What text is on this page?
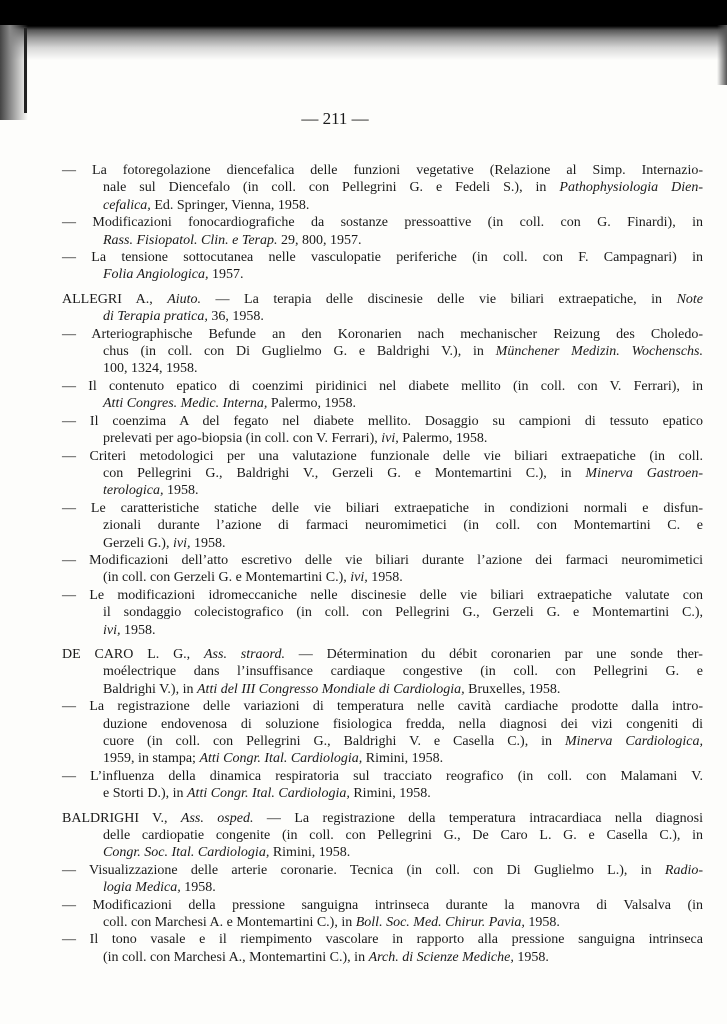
— 211 —
— La fotoregolazione diencefalica delle funzioni vegetative (Relazione al Simp. Internazio-
nale sul Diencefalo (in coll. con Pellegrini G. e Fedeli S.), in Pathophysiologia Dien-
cefalica, Ed. Springer, Vienna, 1958.
— Modificazioni fonocardiografiche da sostanze pressoattive (in coll. con G. Finardi), in
Rass. Fisiopatol. Clin. e Terap. 29, 800, 1957.
— La tensione sottocutanea nelle vasculopatie periferiche (in coll. con F. Campagnari) in
Folia Angiologica, 1957.
ALLEGRI A., Aiuto. — La terapia delle discinesie delle vie biliari extraepatiche, in Note
di Terapia pratica, 36, 1958.
— Arteriographische Befunde an den Koronarien nach mechanischer Reizung des Choledo-
chus (in coll. con Di Guglielmo G. e Baldrighi V.), in Münchener Medizin. Wochenschs.
100, 1324, 1958.
— Il contenuto epatico di coenzimi piridinici nel diabete mellito (in coll. con V. Ferrari), in
Atti Congres. Medic. Interna, Palermo, 1958.
— Il coenzima A del fegato nel diabete mellito. Dosaggio su campioni di tessuto epatico
prelevati per ago-biopsia (in coll. con V. Ferrari), ivi, Palermo, 1958.
— Criteri metodologici per una valutazione funzionale delle vie biliari extraepatiche (in coll.
con Pellegrini G., Baldrighi V., Gerzeli G. e Montemartini C.), in Minerva Gastroen-
terologica, 1958.
— Le caratteristiche statiche delle vie biliari extraepatiche in condizioni normali e disfun-
zionali durante l’azione di farmaci neuromimetici (in coll. con Montemartini C. e
Gerzeli G.), ivi, 1958.
— Modificazioni dell’atto escretivo delle vie biliari durante l’azione dei farmaci neuromimetici
(in coll. con Gerzeli G. e Montemartini C.), ivi, 1958.
— Le modificazioni idromeccaniche nelle discinesie delle vie biliari extraepatiche valutate con
il sondaggio colecistografico (in coll. con Pellegrini G., Gerzeli G. e Montemartini C.),
ivi, 1958.
DE CARO L. G., Ass. straord. — Détermination du débit coronarien par une sonde ther-
moélectrique dans l’insuffisance cardiaque congestive (in coll. con Pellegrini G. e
Baldrighi V.), in Atti del III Congresso Mondiale di Cardiologia, Bruxelles, 1958.
— La registrazione delle variazioni di temperatura nelle cavità cardiache prodotte dalla intro-
duzione endovenosa di soluzione fisiologica fredda, nella diagnosi dei vizi congeniti di
cuore (in coll. con Pellegrini G., Baldrighi V. e Casella C.), in Minerva Cardiologica,
1959, in stampa; Atti Congr. Ital. Cardiologia, Rimini, 1958.
— L’influenza della dinamica respiratoria sul tracciato reografico (in coll. con Malamani V.
e Storti D.), in Atti Congr. Ital. Cardiologia, Rimini, 1958.
BALDRIGHI V., Ass. osped. — La registrazione della temperatura intracardiaca nella diagnosi
delle cardiopatie congenite (in coll. con Pellegrini G., De Caro L. G. e Casella C.), in
Congr. Soc. Ital. Cardiologia, Rimini, 1958.
— Visualizzazione delle arterie coronarie. Tecnica (in coll. con Di Guglielmo L.), in Radio-
logia Medica, 1958.
— Modificazioni della pressione sanguigna intrinseca durante la manovra di Valsalva (in
coll. con Marchesi A. e Montemartini C.), in Boll. Soc. Med. Chirur. Pavia, 1958.
— Il tono vasale e il riempimento vascolare in rapporto alla pressione sanguigna intrinseca
(in coll. con Marchesi A., Montemartini C.), in Arch. di Scienze Mediche, 1958.
